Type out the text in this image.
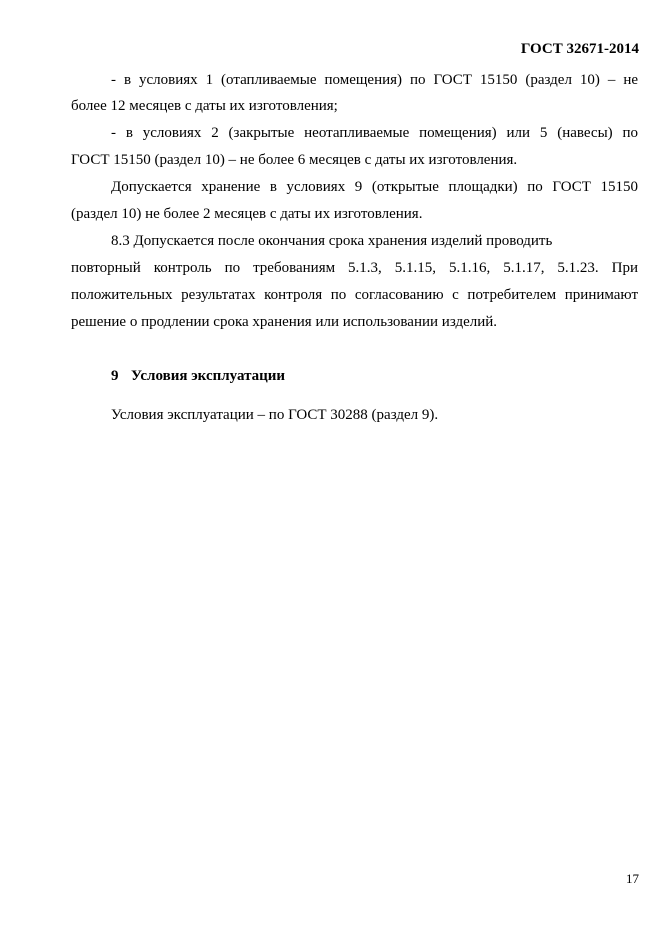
ГОСТ 32671-2014
- в условиях 1 (отапливаемые помещения) по ГОСТ 15150 (раздел 10) – не
более 12 месяцев с даты их изготовления;
- в условиях 2 (закрытые неотапливаемые помещения) или 5 (навесы) по
ГОСТ 15150 (раздел 10) – не более 6 месяцев с даты их изготовления.
Допускается хранение в условиях 9 (открытые площадки) по ГОСТ 15150
(раздел 10) не более 2 месяцев с даты их изготовления.
8.3 Допускается после окончания срока хранения изделий проводить
повторный контроль по требованиям 5.1.3, 5.1.15, 5.1.16, 5.1.17, 5.1.23. При
положительных результатах контроля по согласованию с потребителем принимают
решение о продлении срока хранения или использовании изделий.
9 Условия эксплуатации
Условия эксплуатации – по ГОСТ 30288 (раздел 9).
17
